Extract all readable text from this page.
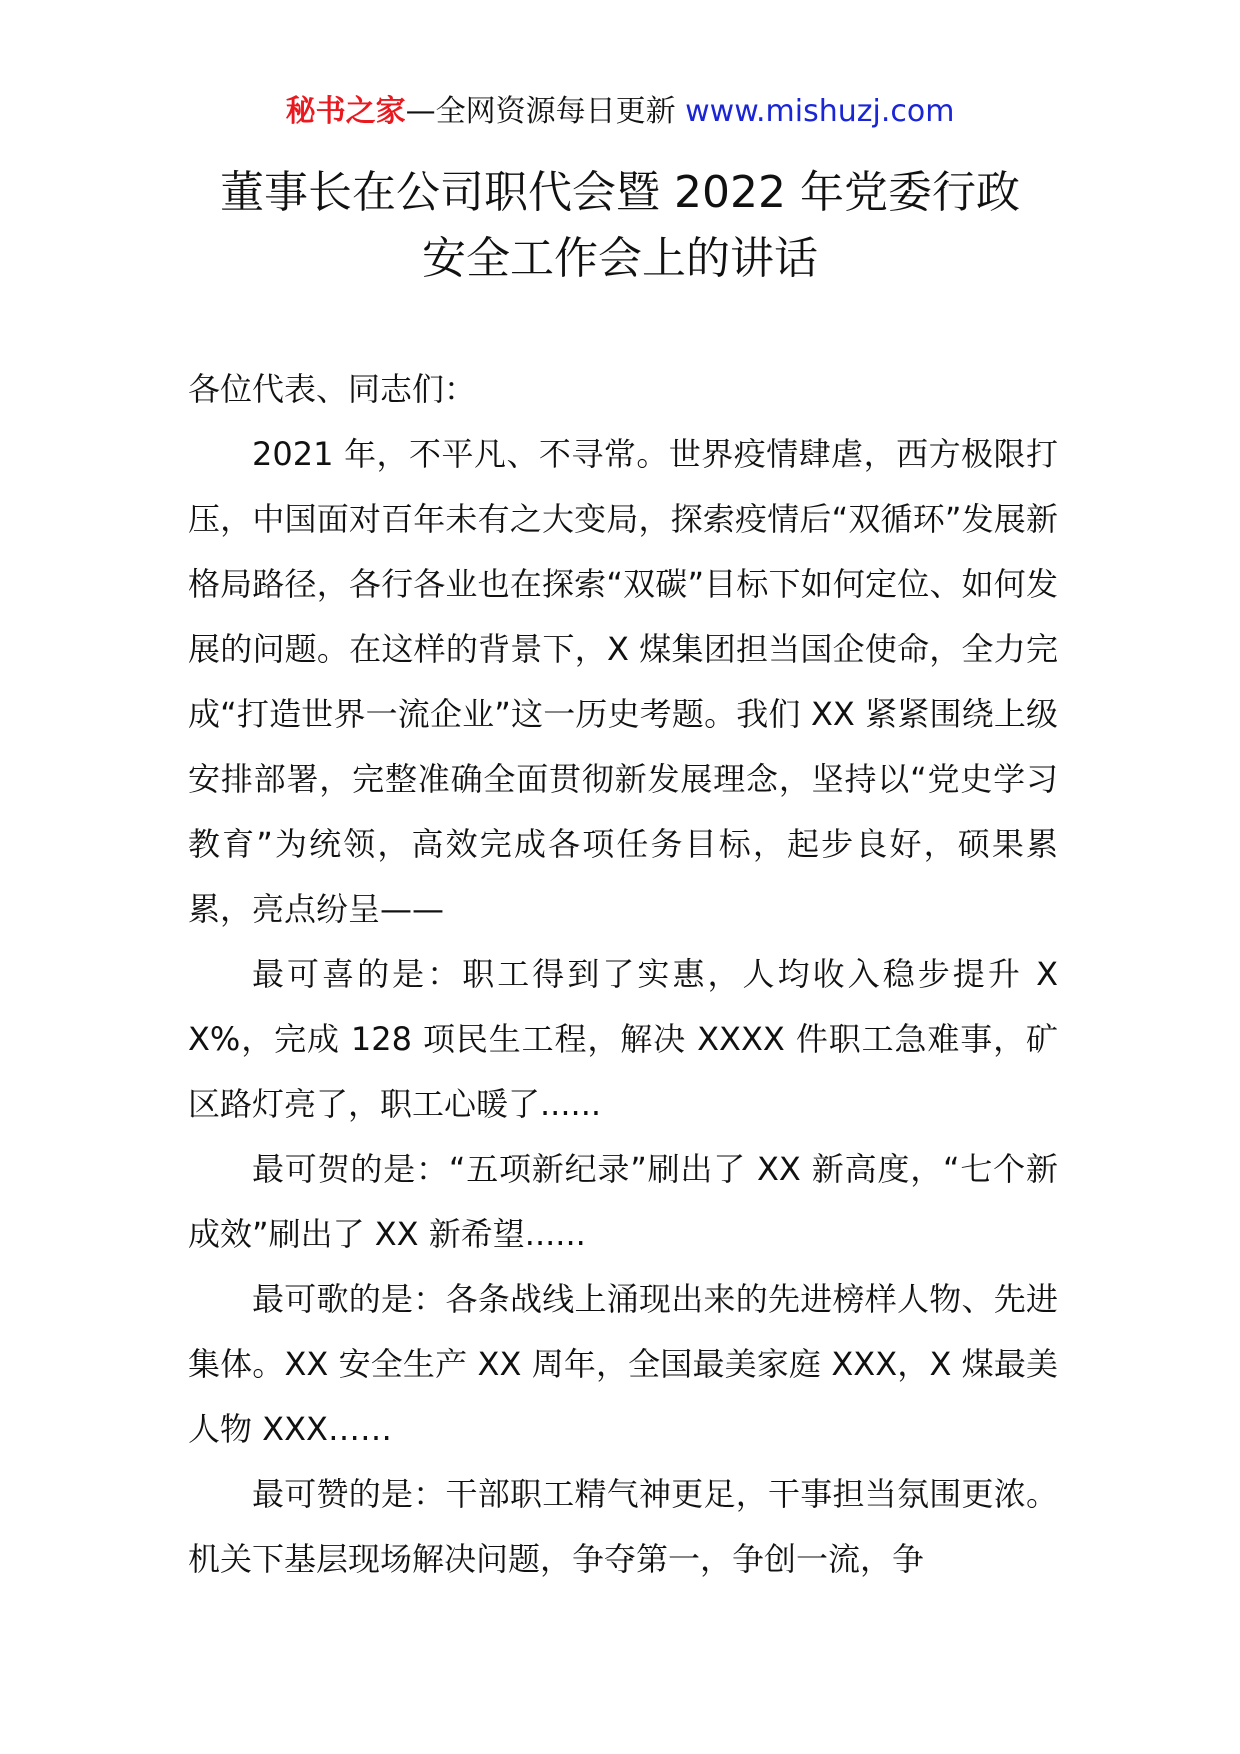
秘书之家—全网资源每日更新 www.mishuzj.com
董事长在公司职代会暨 2022 年党委行政
安全工作会上的讲话

各位代表、同志们：

2021 年，不平凡、不寻常。世界疫情肆虐，西方极限打压，中国面对百年未有之大变局，探索疫情后“双循环”发展新格局路径，各行各业也在探索“双碳”目标下如何定位、如何发展的问题。在这样的背景下，X 煤集团担当国企使命，全力完成“打造世界一流企业”这一历史考题。我们 XX 紧紧围绕上级安排部署，完整准确全面贯彻新发展理念，坚持以“党史学习教育”为统领，高效完成各项任务目标，起步良好，硕果累累，亮点纷呈——

最可喜的是：职工得到了实惠，人均收入稳步提升 XX%，完成 128 项民生工程，解决 XXXX 件职工急难事，矿区路灯亮了，职工心暖了......

最可贺的是：“五项新纪录”刷出了 XX 新高度，“七个新成效”刷出了 XX 新希望......

最可歌的是：各条战线上涌现出来的先进榜样人物、先进集体。XX 安全生产 XX 周年，全国最美家庭 XXX，X 煤最美人物 XXX……

最可赞的是：干部职工精气神更足，干事担当氛围更浓。机关下基层现场解决问题，争夺第一，争创一流，争
